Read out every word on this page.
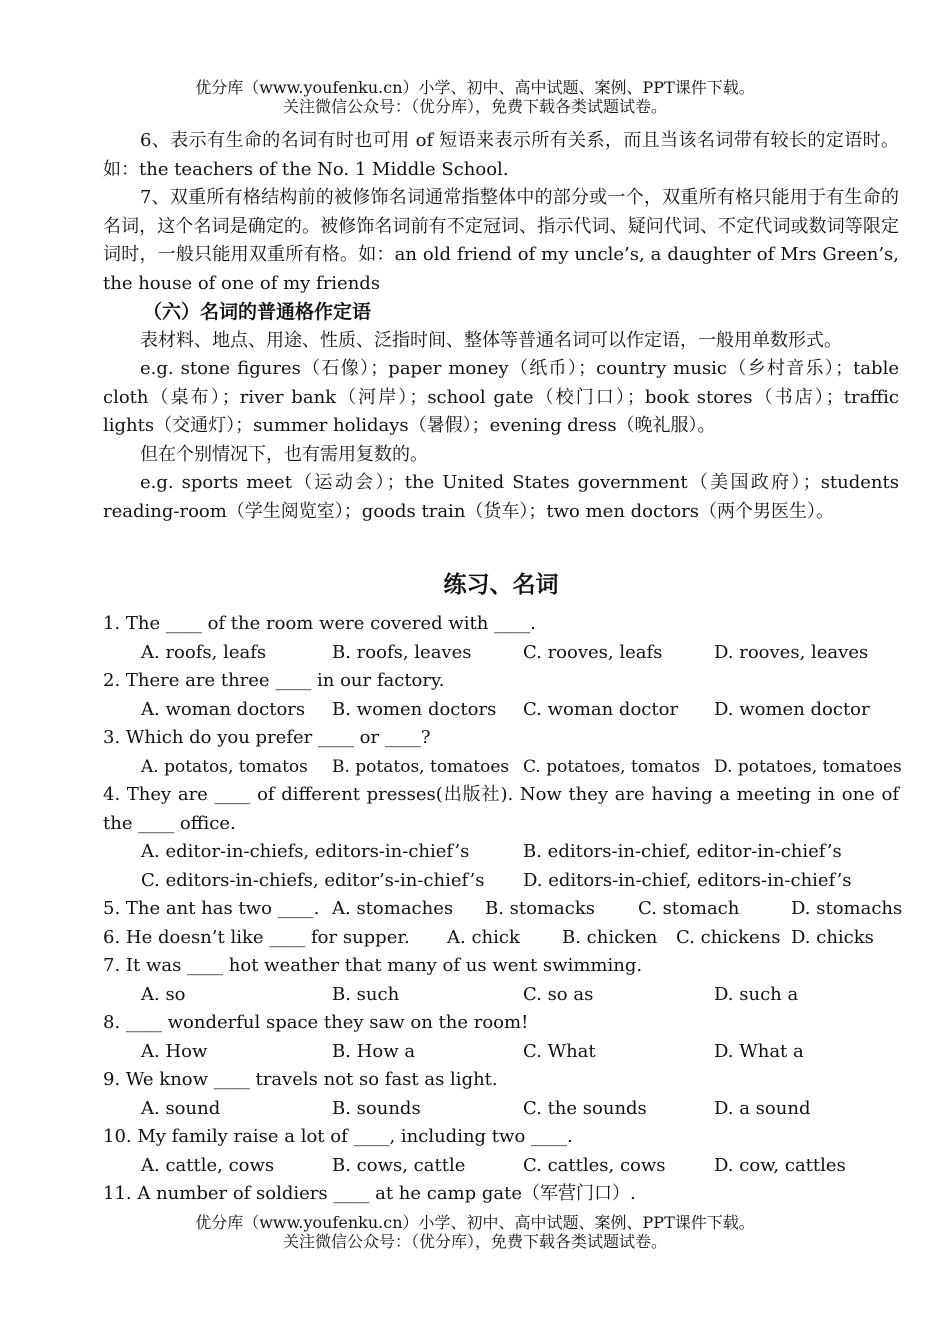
优分库（www.youfenku.cn）小学、初中、高中试题、案例、PPT课件下载。
关注微信公众号：（优分库），免费下载各类试题试卷。

6、表示有生命的名词有时也可用 of 短语来表示所有关系，而且当该名词带有较长的定语时。如：the teachers of the No. 1 Middle School.

7、双重所有格结构前的被修饰名词通常指整体中的部分或一个，双重所有格只能用于有生命的名词，这个名词是确定的。被修饰名词前有不定冠词、指示代词、疑问代词、不定代词或数词等限定词时，一般只能用双重所有格。如：an old friend of my uncle’s, a daughter of Mrs Green’s, the house of one of my friends

（六）名词的普通格作定语

表材料、地点、用途、性质、泛指时间、整体等普通名词可以作定语，一般用单数形式。

e.g. stone figures（石像）；paper money（纸币）；country music（乡村音乐）；table cloth（桌布）；river bank（河岸）；school gate（校门口）；book stores（书店）；traffic lights（交通灯）；summer holidays（暑假）；evening dress（晚礼服）。

但在个别情况下，也有需用复数的。

e.g. sports meet（运动会）；the United States government（美国政府）；students reading-room（学生阅览室）；goods train（货车）；two men doctors（两个男医生）。

练习、名词
1. The ____ of the room were covered with ____.
A. roofs, leafs	B. roofs, leaves	C. rooves, leafs	D. rooves, leaves
2. There are three ____ in our factory.
A. woman doctors B. women doctors C. woman doctor D. women doctor
3. Which do you prefer ____ or ____?
A. potatos, tomatos B. potatos, tomatoes C. potatoes, tomatos D. potatoes, tomatoes
4. They are ____ of different presses(出版社). Now they are having a meeting in one of the ____ office.
A. editor-in-chiefs, editors-in-chief’s	B. editors-in-chief, editor-in-chief’s
C. editors-in-chiefs, editor’s-in-chief’s D. editors-in-chief, editors-in-chief’s
5. The ant has two ____. A. stomaches B. stomacks C. stomach	D. stomachs
6. He doesn’t like ____ for supper. A. chick B. chicken C. chickens D. chicks
7. It was ____ hot weather that many of us went swimming.
A. so	B. such	C. so as	D. such a
8. ____ wonderful space they saw on the room!
A. How	B. How a	C. What	D. What a
9. We know ____ travels not so fast as light.
A. sound	B. sounds	C. the sounds	D. a sound
10. My family raise a lot of ____, including two ____.
A. cattle, cows	B. cows, cattle	C. cattles, cows	D. cow, cattles
11. A number of soldiers ____ at he camp gate（军营门口）.
优分库（www.youfenku.cn）小学、初中、高中试题、案例、PPT课件下载。
关注微信公众号：（优分库），免费下载各类试题试卷。
